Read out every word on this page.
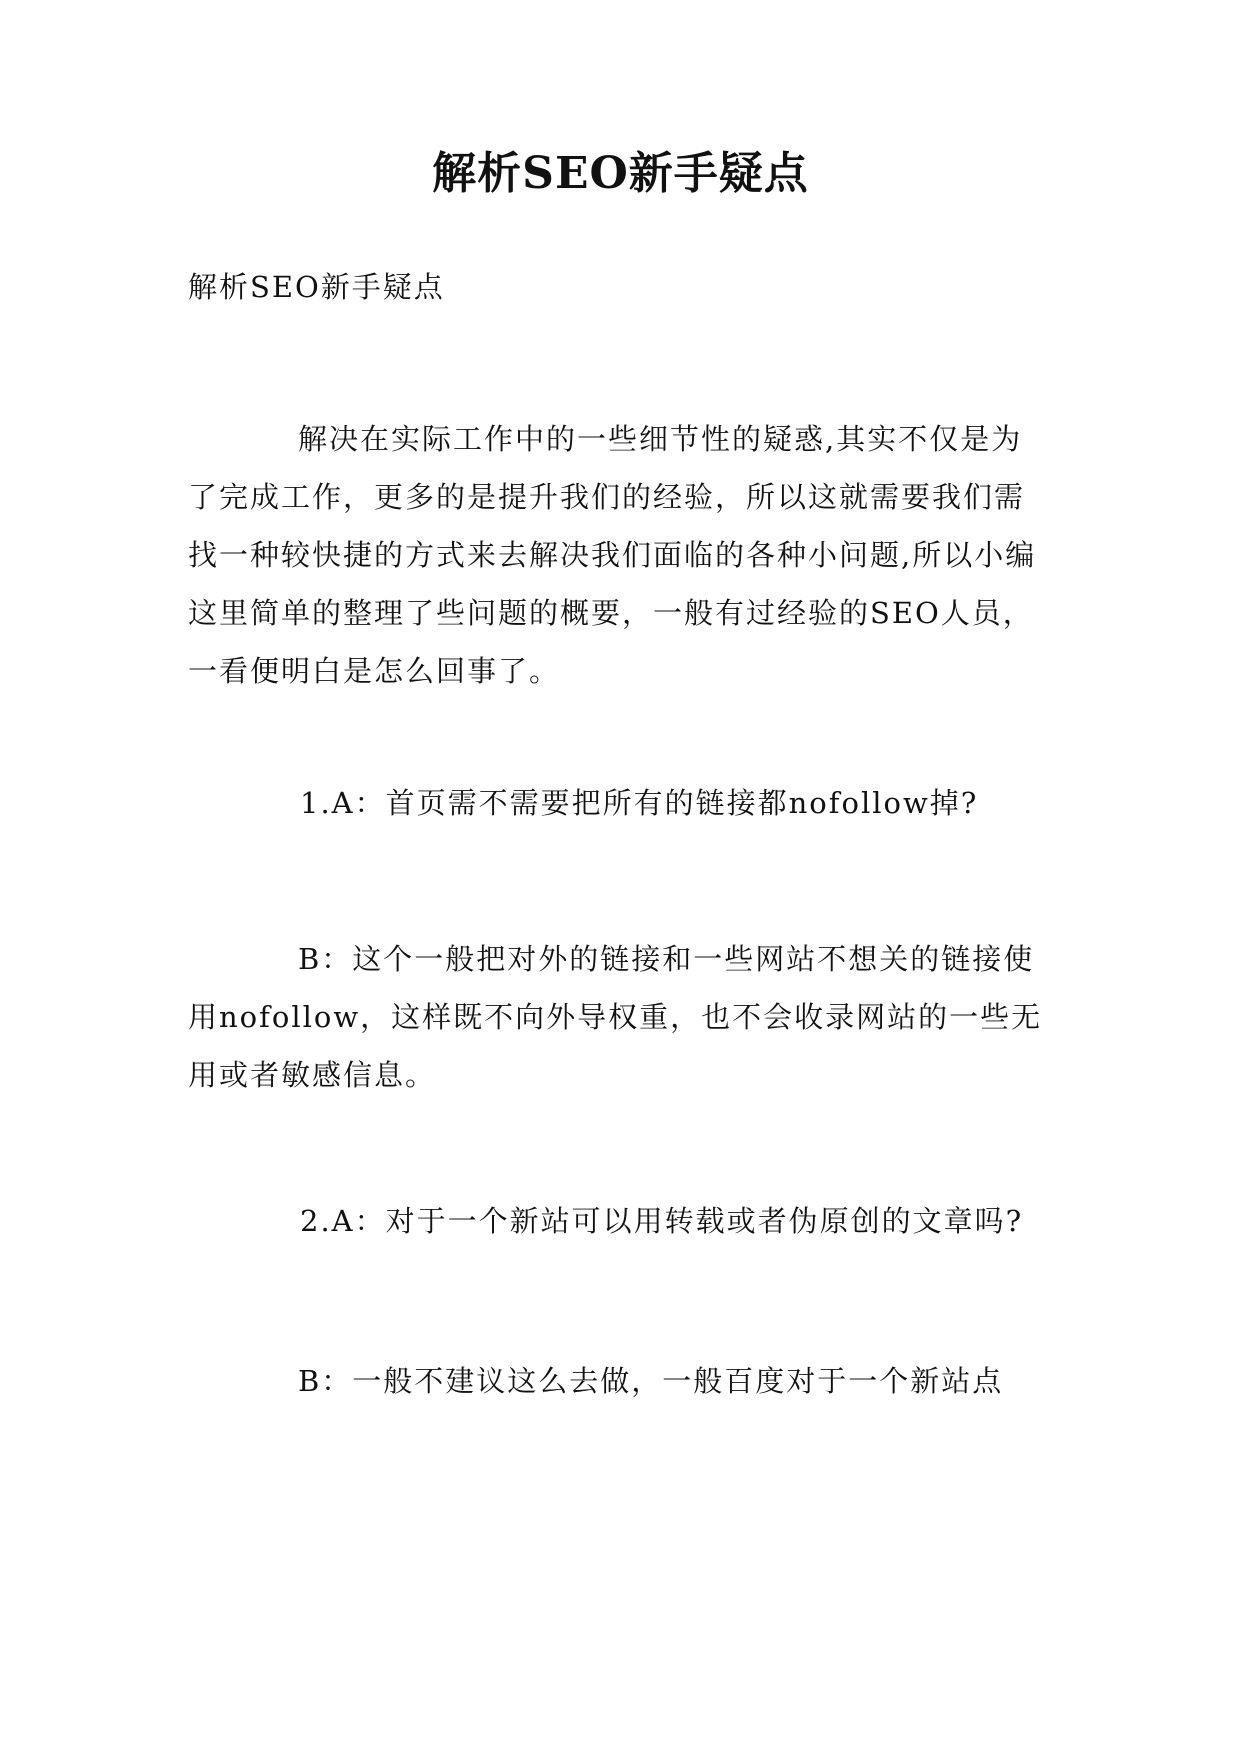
解析SEO新手疑点

解析SEO新手疑点

解决在实际工作中的一些细节性的疑惑,其实不仅是为了完成工作，更多的是提升我们的经验，所以这就需要我们需找一种较快捷的方式来去解决我们面临的各种小问题,所以小编这里简单的整理了些问题的概要，一般有过经验的SEO人员，一看便明白是怎么回事了。

1.A：首页需不需要把所有的链接都nofollow掉?

B：这个一般把对外的链接和一些网站不想关的链接使用nofollow，这样既不向外导权重，也不会收录网站的一些无用或者敏感信息。

2.A：对于一个新站可以用转载或者伪原创的文章吗?

B：一般不建议这么去做，一般百度对于一个新站点
